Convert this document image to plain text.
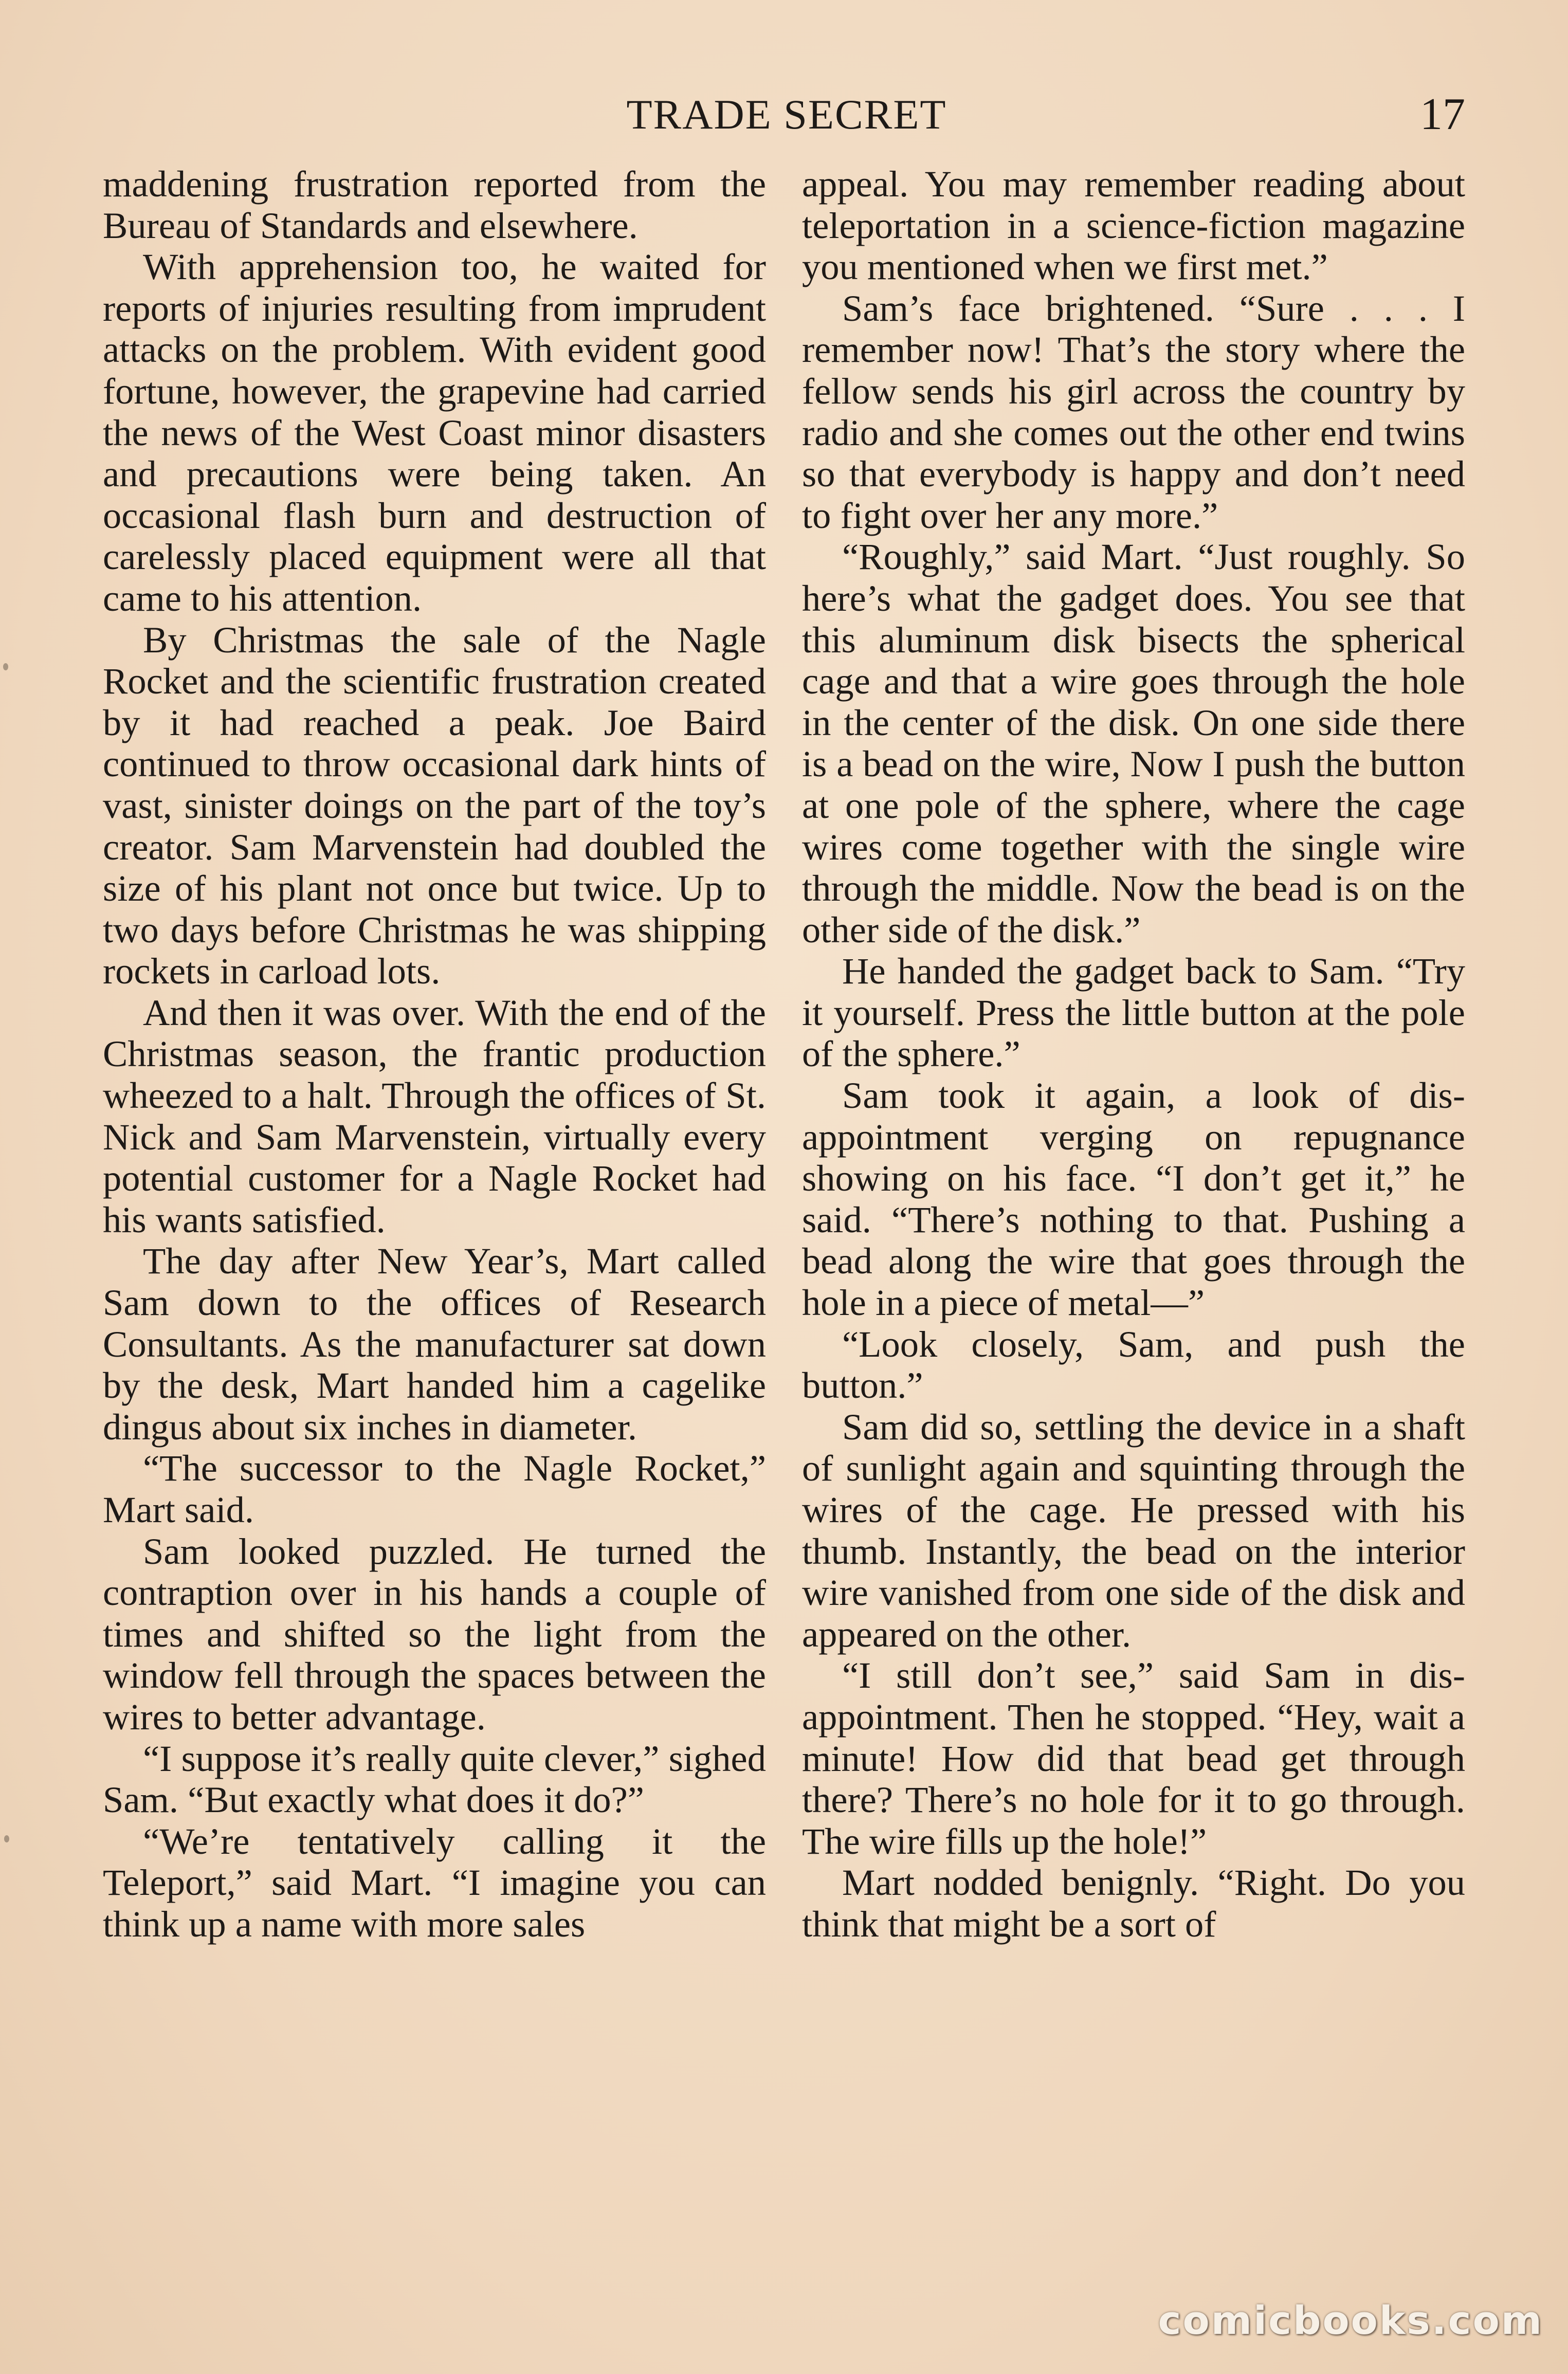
TRADE SECRET	17

maddening frustration reported from the Bureau of Standards and elsewhere.

With apprehension too, he waited for reports of injuries resulting from imprudent attacks on the problem. With evident good fortune, however, the grapevine had carried the news of the West Coast minor disasters and precautions were being taken. An occasional flash burn and destruction of carelessly placed equipment were all that came to his attention.

By Christmas the sale of the Nagle Rocket and the scientific frustration created by it had reached a peak. Joe Baird continued to throw occasional dark hints of vast, sinister doings on the part of the toy’s creator. Sam Marvenstein had doubled the size of his plant not once but twice. Up to two days before Christmas he was shipping rockets in carload lots.

And then it was over. With the end of the Christmas season, the frantic production wheezed to a halt. Through the offices of St. Nick and Sam Marvenstein, virtually every potential customer for a Nagle Rocket had his wants satisfied.

The day after New Year’s, Mart called Sam down to the offices of Research Consultants. As the manufacturer sat down by the desk, Mart handed him a cagelike dingus about six inches in diameter.

“The successor to the Nagle Rocket,” Mart said.

Sam looked puzzled. He turned the contraption over in his hands a couple of times and shifted so the light from the window fell through the spaces between the wires to better advantage.

“I suppose it’s really quite clever,” sighed Sam. “But exactly what does it do?”

“We’re tentatively calling it the Teleport,” said Mart. “I imagine you can think up a name with more sales

appeal. You may remember reading about teleportation in a science-fiction magazine you mentioned when we first met.”

Sam’s face brightened. “Sure . . . I remember now! That’s the story where the fellow sends his girl across the country by radio and she comes out the other end twins so that everybody is happy and don’t need to fight over her any more.”

“Roughly,” said Mart. “Just roughly. So here’s what the gadget does. You see that this aluminum disk bisects the spherical cage and that a wire goes through the hole in the center of the disk. On one side there is a bead on the wire, Now I push the button at one pole of the sphere, where the cage wires come together with the single wire through the middle. Now the bead is on the other side of the disk.”

He handed the gadget back to Sam. “Try it yourself. Press the little button at the pole of the sphere.”

Sam took it again, a look of disappointment verging on repugnance showing on his face. “I don’t get it,” he said. “There’s nothing to that. Pushing a bead along the wire that goes through the hole in a piece of metal—”

“Look closely, Sam, and push the button.”

Sam did so, settling the device in a shaft of sunlight again and squinting through the wires of the cage. He pressed with his thumb. Instantly, the bead on the interior wire vanished from one side of the disk and appeared on the other.

“I still don’t see,” said Sam in disappointment. Then he stopped. “Hey, wait a minute! How did that bead get through there? There’s no hole for it to go through. The wire fills up the hole!”

Mart nodded benignly. “Right. Do you think that might be a sort of

comicbooks.com
